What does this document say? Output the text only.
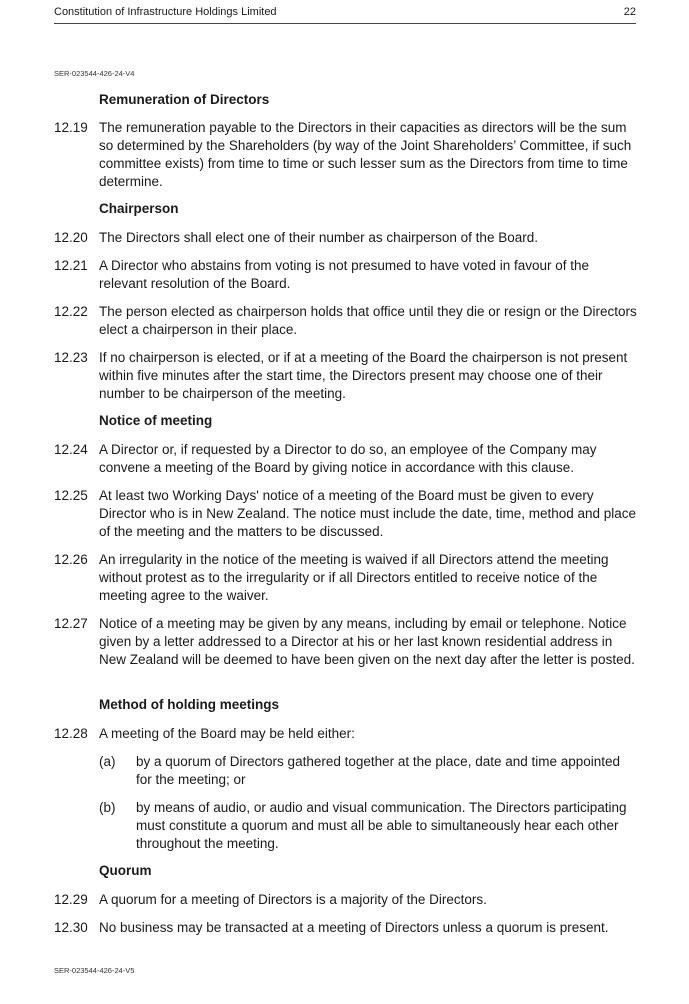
Constitution of Infrastructure Holdings Limited	22
SER-023544-426-24-V4
Remuneration of Directors
12.19 The remuneration payable to the Directors in their capacities as directors will be the sum so determined by the Shareholders (by way of the Joint Shareholders’ Committee, if such committee exists) from time to time or such lesser sum as the Directors from time to time determine.
Chairperson
12.20 The Directors shall elect one of their number as chairperson of the Board.
12.21 A Director who abstains from voting is not presumed to have voted in favour of the relevant resolution of the Board.
12.22 The person elected as chairperson holds that office until they die or resign or the Directors elect a chairperson in their place.
12.23 If no chairperson is elected, or if at a meeting of the Board the chairperson is not present within five minutes after the start time, the Directors present may choose one of their number to be chairperson of the meeting.
Notice of meeting
12.24 A Director or, if requested by a Director to do so, an employee of the Company may convene a meeting of the Board by giving notice in accordance with this clause.
12.25 At least two Working Days' notice of a meeting of the Board must be given to every Director who is in New Zealand. The notice must include the date, time, method and place of the meeting and the matters to be discussed.
12.26 An irregularity in the notice of the meeting is waived if all Directors attend the meeting without protest as to the irregularity or if all Directors entitled to receive notice of the meeting agree to the waiver.
12.27 Notice of a meeting may be given by any means, including by email or telephone. Notice given by a letter addressed to a Director at his or her last known residential address in New Zealand will be deemed to have been given on the next day after the letter is posted.
Method of holding meetings
12.28 A meeting of the Board may be held either:
(a) by a quorum of Directors gathered together at the place, date and time appointed for the meeting; or
(b) by means of audio, or audio and visual communication. The Directors participating must constitute a quorum and must all be able to simultaneously hear each other throughout the meeting.
Quorum
12.29 A quorum for a meeting of Directors is a majority of the Directors.
12.30 No business may be transacted at a meeting of Directors unless a quorum is present.
SER-023544-426-24-V5
